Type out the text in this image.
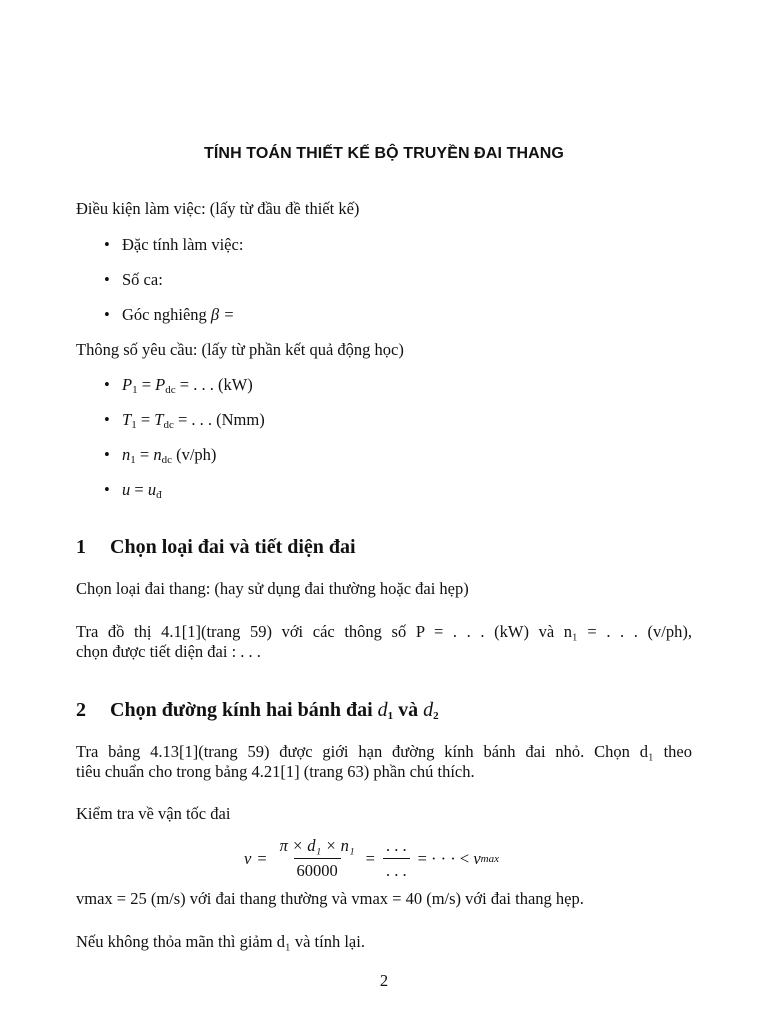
TÍNH TOÁN THIẾT KẾ BỘ TRUYỀN ĐAI THANG
Điều kiện làm việc: (lấy từ đầu đề thiết kế)
• Đặc tính làm việc:
• Số ca:
• Góc nghiêng β =
Thông số yêu cầu: (lấy từ phần kết quả động học)
• $P_1 = P_{dc}$ = . . . (kW)
• $T_1 = T_{dc}$ = . . . (Nmm)
• $n_1 = n_{dc}$ (v/ph)
• $u = u_đ$
1 Chọn loại đai và tiết diện đai
Chọn loại đai thang: (hay sử dụng đai thường hoặc đai hẹp)
Tra đồ thị 4.1[1](trang 59) với các thông số P = . . . (kW) và n₁ = . . . (v/ph),
chọn được tiết diện đai : . . .
2 Chọn đường kính hai bánh đai $d_1$ và $d_2$
Tra bảng 4.13[1](trang 59) được giới hạn đường kính bánh đai nhỏ. Chọn d₁ theo
tiêu chuẩn cho trong bảng 4.21[1] (trang 63) phần chú thích.
Kiểm tra về vận tốc đai
$v = \frac{\text{π × d₁ × n₁}}{60000} = \frac{. . .}{. . .}$ = · · · < v max
vmax = 25 (m/s) với đai thang thường và vmax = 40 (m/s) với đai thang hẹp.
Nếu không thỏa mãn thì giảm d₁ và tính lại.
2
